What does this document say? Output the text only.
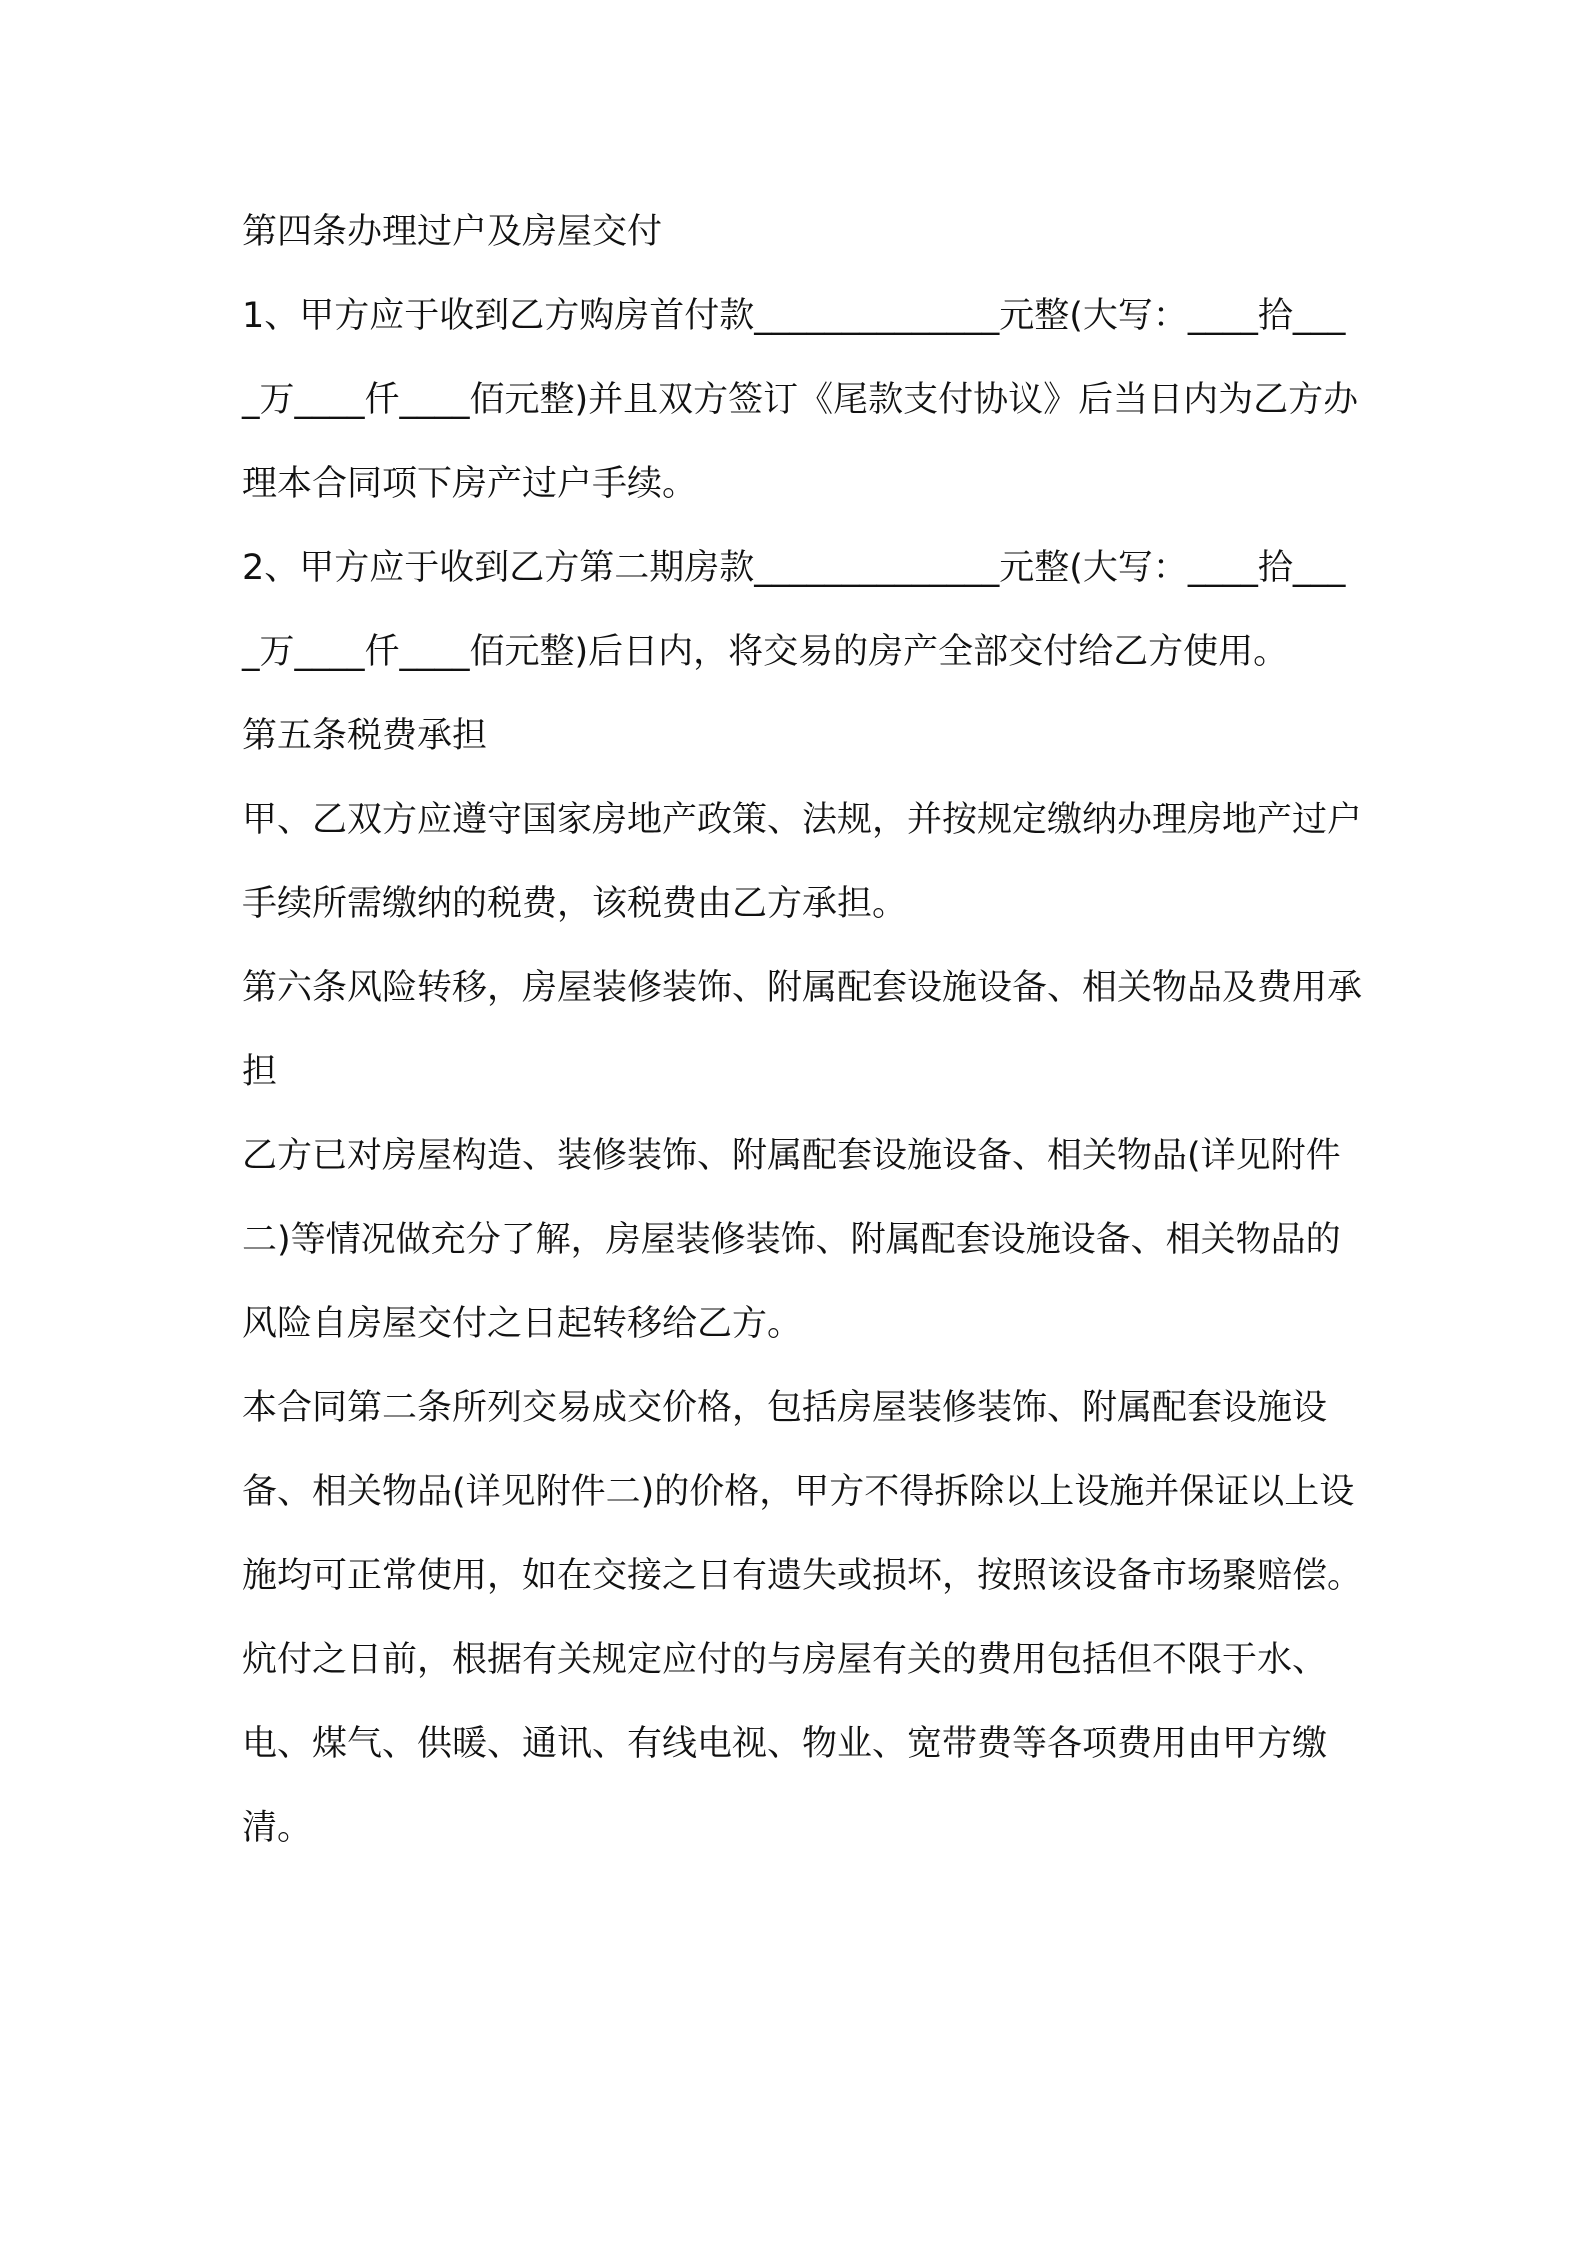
第四条办理过户及房屋交付

1、甲方应于收到乙方购房首付款______________元整(大写：____拾____万____仟____佰元整)并且双方签订《尾款支付协议》后当日内为乙方办理本合同项下房产过户手续。

2、甲方应于收到乙方第二期房款______________元整(大写：____拾____万____仟____佰元整)后日内，将交易的房产全部交付给乙方使用。

第五条税费承担

甲、乙双方应遵守国家房地产政策、法规，并按规定缴纳办理房地产过户手续所需缴纳的税费，该税费由乙方承担。

第六条风险转移，房屋装修装饰、附属配套设施设备、相关物品及费用承担

乙方已对房屋构造、装修装饰、附属配套设施设备、相关物品(详见附件二)等情况做充分了解，房屋装修装饰、附属配套设施设备、相关物品的风险自房屋交付之日起转移给乙方。

本合同第二条所列交易成交价格，包括房屋装修装饰、附属配套设施设备、相关物品(详见附件二)的价格，甲方不得拆除以上设施并保证以上设施均可正常使用，如在交接之日有遗失或损坏，按照该设备市场聚赔偿。

炕付之日前，根据有关规定应付的与房屋有关的费用包括但不限于水、电、煤气、供暖、通讯、有线电视、物业、宽带费等各项费用由甲方缴清。
